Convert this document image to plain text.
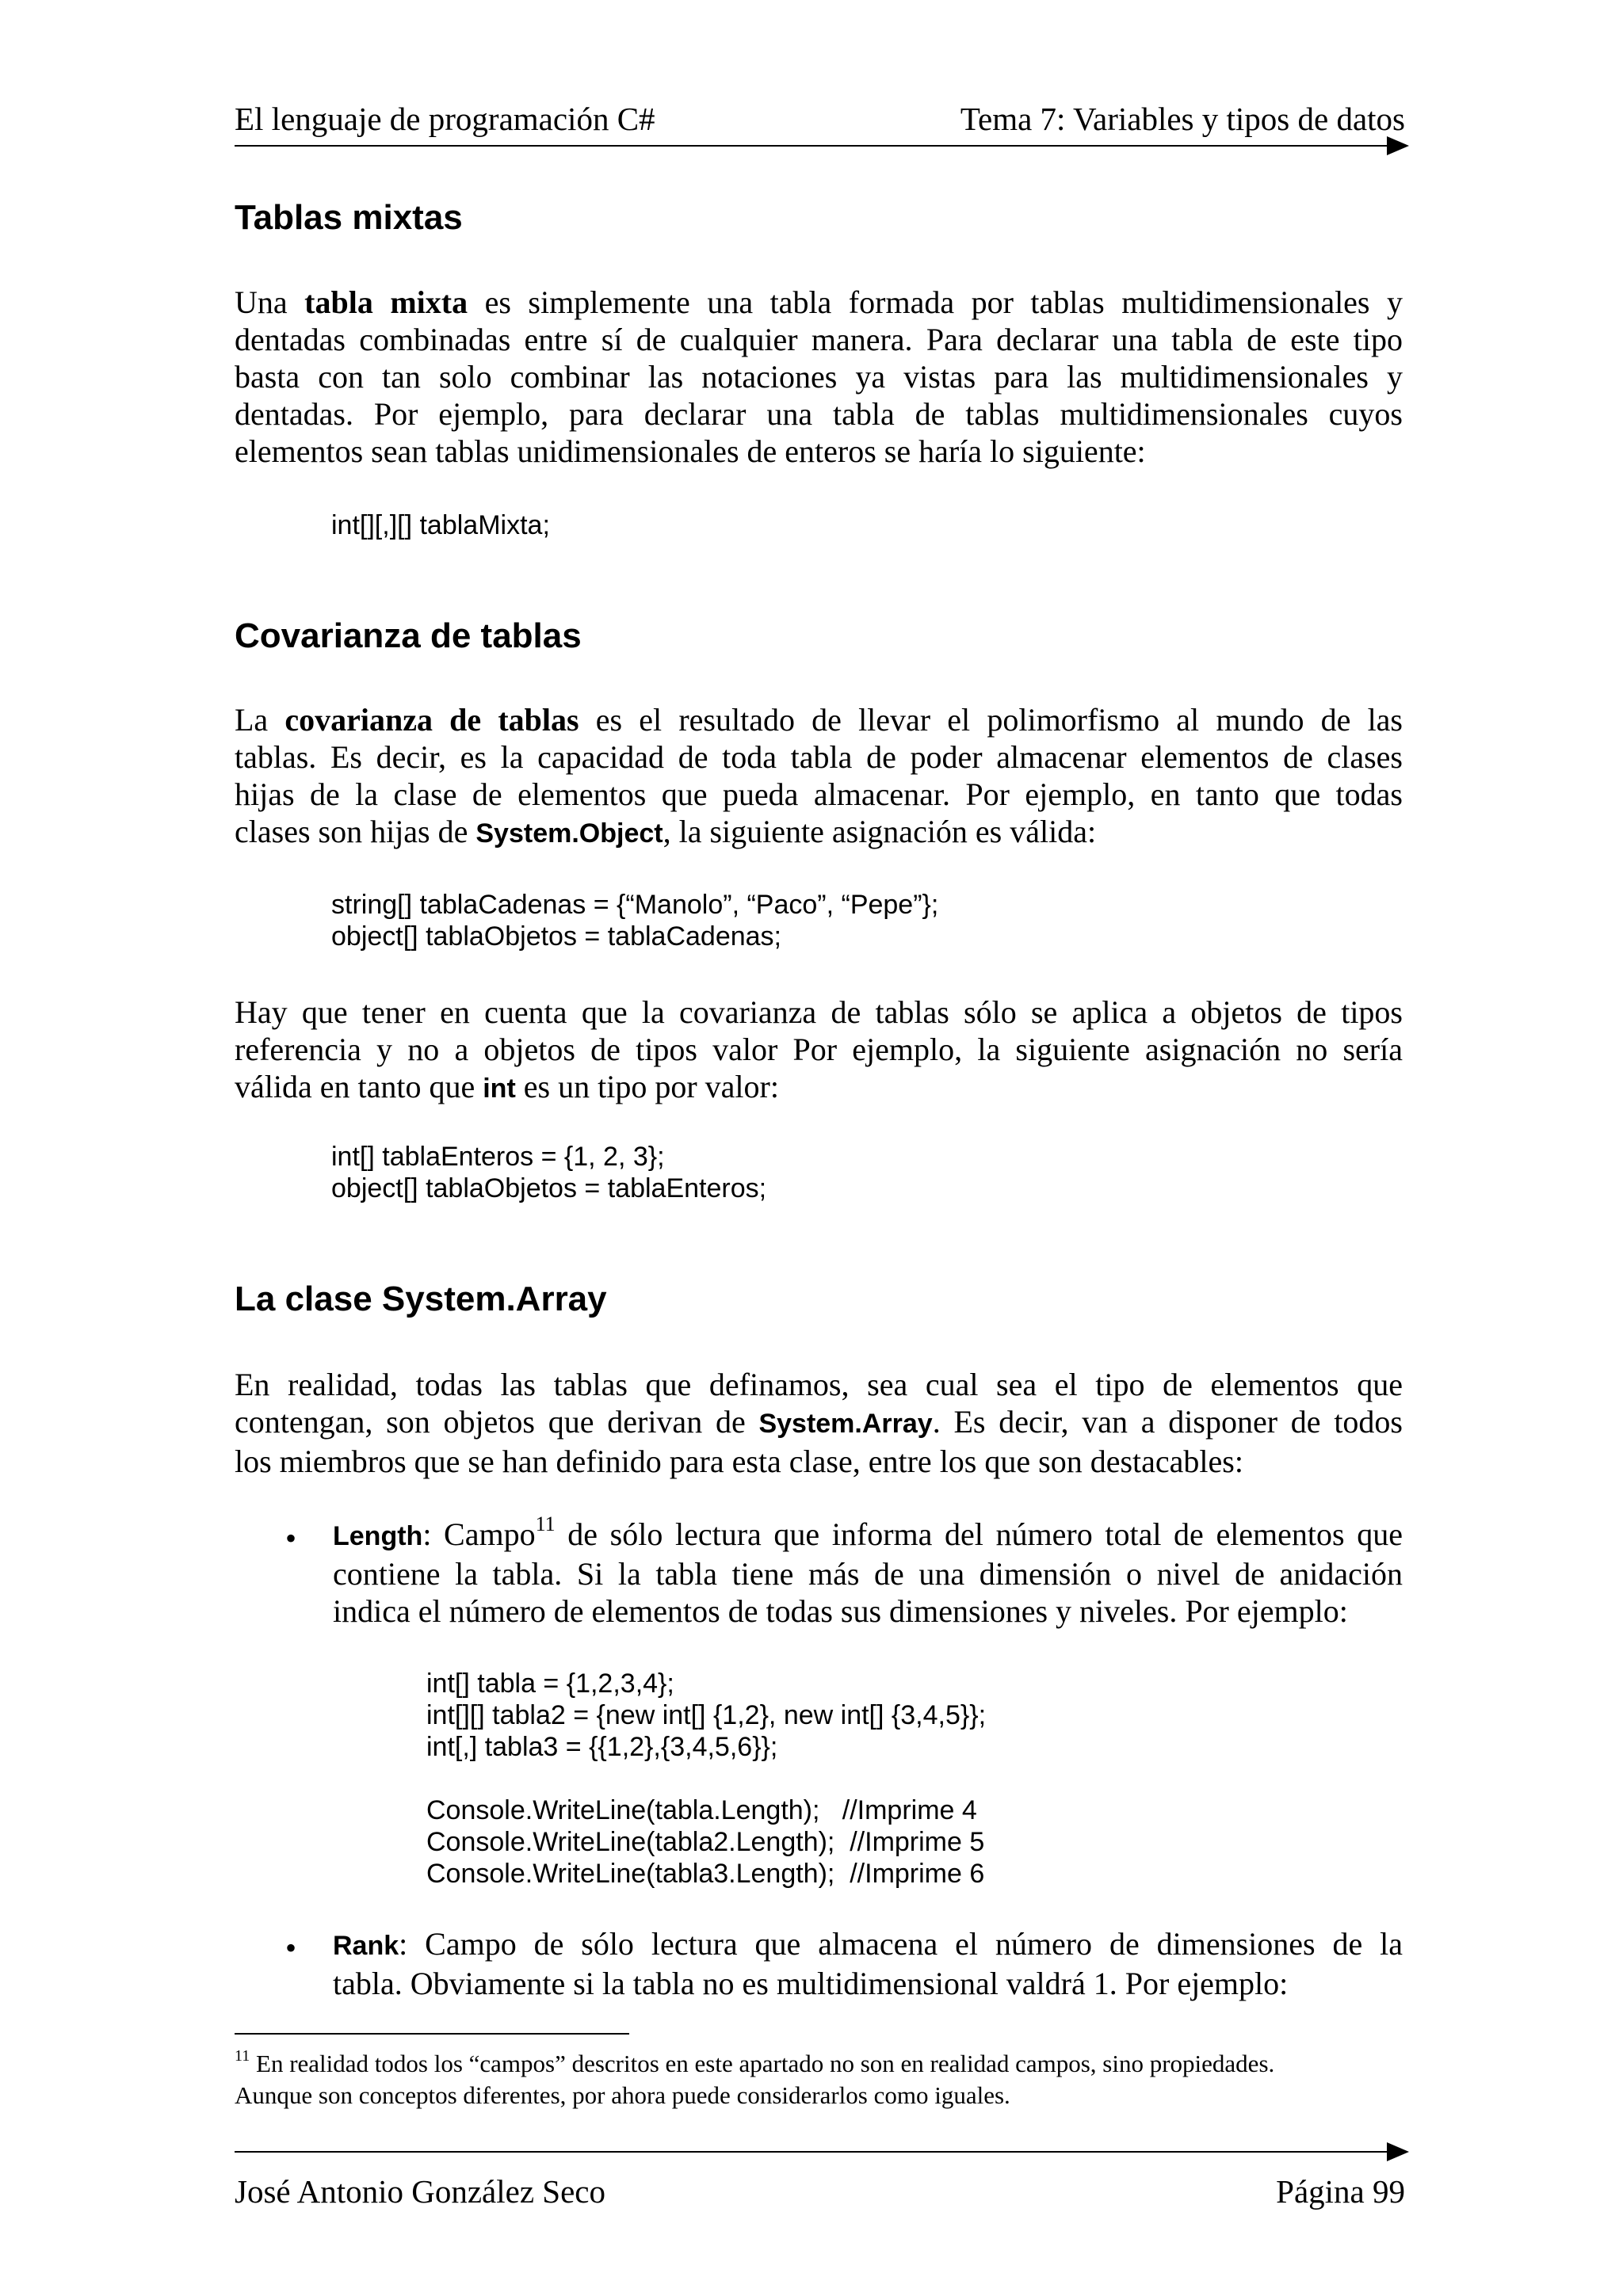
El lenguaje de programación C#	Tema 7: Variables y tipos de datos
Tablas mixtas
Una tabla mixta es simplemente una tabla formada por tablas multidimensionales y
dentadas combinadas entre sí de cualquier manera. Para declarar una tabla de este tipo
basta con tan solo combinar las notaciones ya vistas para las multidimensionales y
dentadas. Por ejemplo, para declarar una tabla de tablas multidimensionales cuyos
elementos sean tablas unidimensionales de enteros se haría lo siguiente:
int[][,][] tablaMixta;
Covarianza de tablas
La covarianza de tablas es el resultado de llevar el polimorfismo al mundo de las
tablas. Es decir, es la capacidad de toda tabla de poder almacenar elementos de clases
hijas de la clase de elementos que pueda almacenar. Por ejemplo, en tanto que todas
clases son hijas de System.Object, la siguiente asignación es válida:
string[] tablaCadenas = {“Manolo”, “Paco”, “Pepe”};
object[] tablaObjetos = tablaCadenas;
Hay que tener en cuenta que la covarianza de tablas sólo se aplica a objetos de tipos
referencia y no a objetos de tipos valor Por ejemplo, la siguiente asignación no sería
válida en tanto que int es un tipo por valor:
int[] tablaEnteros = {1, 2, 3};
object[] tablaObjetos = tablaEnteros;
La clase System.Array
En realidad, todas las tablas que definamos, sea cual sea el tipo de elementos que
contengan, son objetos que derivan de System.Array. Es decir, van a disponer de todos
los miembros que se han definido para esta clase, entre los que son destacables:
• Length: Campo$^{11}$ de sólo lectura que informa del número total de elementos que
contiene la tabla. Si la tabla tiene más de una dimensión o nivel de anidación
indica el número de elementos de todas sus dimensiones y niveles. Por ejemplo:
int[] tabla = {1,2,3,4};
int[][] tabla2 = {new int[] {1,2}, new int[] {3,4,5}};
int[,] tabla3 = {{1,2},{3,4,5,6}};
Console.WriteLine(tabla.Length);   //Imprime 4
Console.WriteLine(tabla2.Length);  //Imprime 5
Console.WriteLine(tabla3.Length);  //Imprime 6
• Rank: Campo de sólo lectura que almacena el número de dimensiones de la
tabla. Obviamente si la tabla no es multidimensional valdrá 1. Por ejemplo:
$^{11}$ En realidad todos los “campos” descritos en este apartado no son en realidad campos, sino propiedades.
Aunque son conceptos diferentes, por ahora puede considerarlos como iguales.
José Antonio González Seco	Página 99
